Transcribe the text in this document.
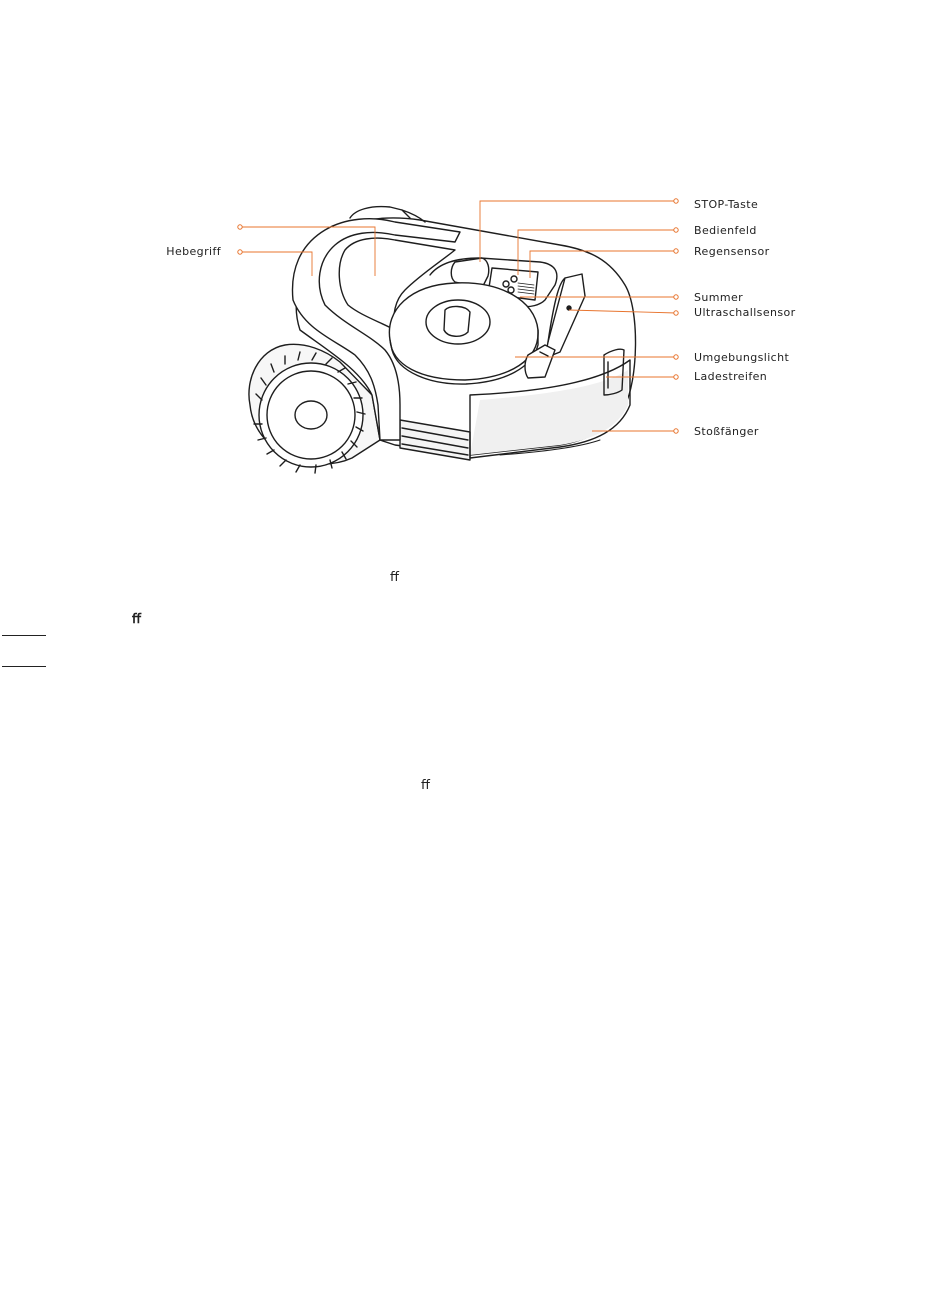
Hebegriff
STOP-Taste
Bedienfeld
Regensensor
Summer
Ultraschallsensor
Umgebungslicht
Ladestreifen
Stoßfänger
ﬀ
ﬀ
ﬀ
